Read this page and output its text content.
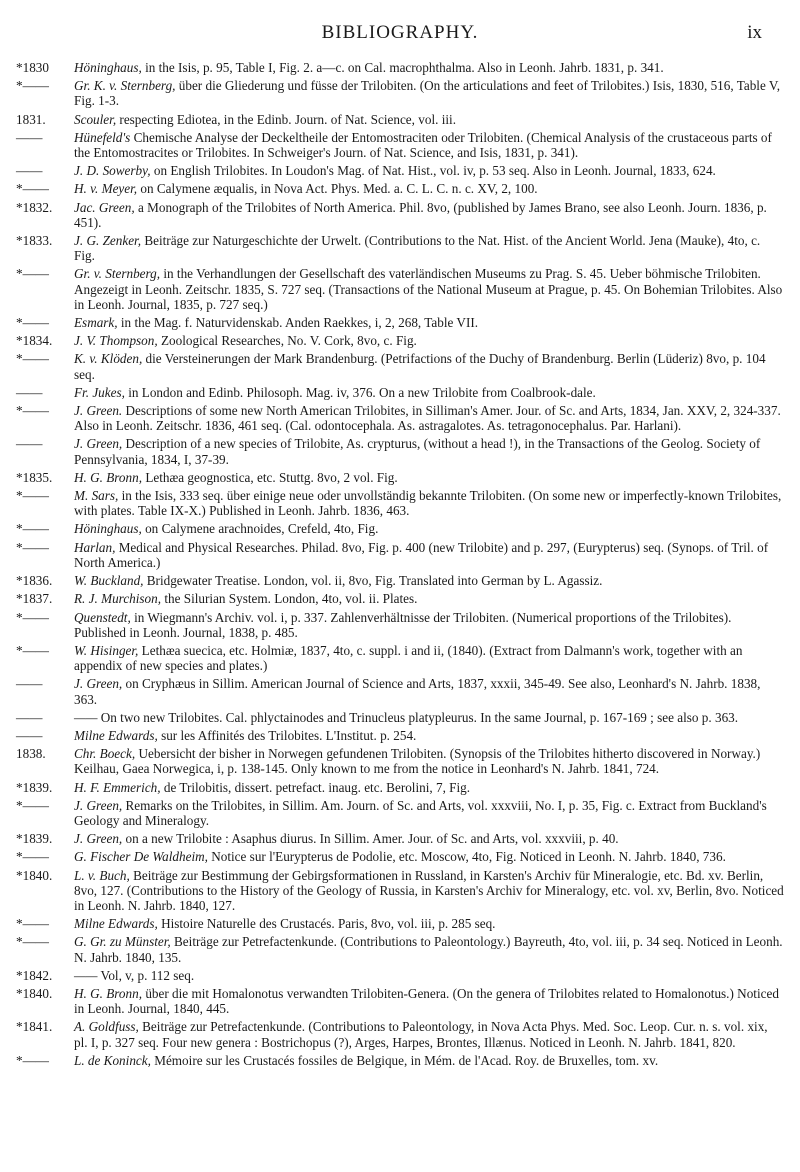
BIBLIOGRAPHY.	ix
*1830	Höninghaus, in the Isis, p. 95, Table I, Fig. 2. a—c. on Cal. macrophthalma. Also in Leonh. Jahrb. 1831, p. 341.
*——	Gr. K. v. Sternberg, über die Gliederung und füsse der Trilobiten. (On the articulations and feet of Trilobites.) Isis, 1830, 516, Table V, Fig. 1-3.
1831.	Scouler, respecting Ediotea, in the Edinb. Journ. of Nat. Science, vol. iii.
——	Hünefeld's Chemische Analyse der Deckeltheile der Entomostraciten oder Trilobiten. (Chemical Analysis of the crustaceous parts of the Entomostracites or Trilobites. In Schweiger's Journ. of Nat. Science, and Isis, 1831, p. 341).
——	J. D. Sowerby, on English Trilobites. In Loudon's Mag. of Nat. Hist., vol. iv, p. 53 seq. Also in Leonh. Journal, 1833, 624.
*——	H. v. Meyer, on Calymene æqualis, in Nova Act. Phys. Med. a. C. L. C. n. c. XV, 2, 100.
*1832.	Jac. Green, a Monograph of the Trilobites of North America. Phil. 8vo, (published by James Brano, see also Leonh. Journ. 1836, p. 451).
*1833.	J. G. Zenker, Beiträge zur Naturgeschichte der Urwelt. (Contributions to the Nat. Hist. of the Ancient World. Jena (Mauke), 4to, c. Fig.
*——	Gr. v. Sternberg, in the Verhandlungen der Gesellschaft des vaterländischen Museums zu Prag. S. 45. Ueber böhmische Trilobiten. Angezeigt in Leonh. Zeitschr. 1835, S. 727 seq. (Transactions of the National Museum at Prague, p. 45. On Bohemian Trilobites. Also in Leonh. Journal, 1835, p. 727 seq.)
*——	Esmark, in the Mag. f. Naturvidenskab. Anden Raekkes, i, 2, 268, Table VII.
*1834.	J. V. Thompson, Zoological Researches, No. V. Cork, 8vo, c. Fig.
*——	K. v. Klöden, die Versteinerungen der Mark Brandenburg. (Petrifactions of the Duchy of Brandenburg. Berlin (Lüderiz) 8vo, p. 104 seq.
——	Fr. Jukes, in London and Edinb. Philosoph. Mag. iv, 376. On a new Trilobite from Coalbrook-dale.
*——	J. Green. Descriptions of some new North American Trilobites, in Silliman's Amer. Jour. of Sc. and Arts, 1834, Jan. XXV, 2, 324-337. Also in Leonh. Zeitschr. 1836, 461 seq. (Cal. odontocephala. As. astragalotes. As. tetragonocephalus. Par. Harlani).
——	J. Green, Description of a new species of Trilobite, As. crypturus, (without a head !), in the Transactions of the Geolog. Society of Pennsylvania, 1834, I, 37-39.
*1835.	H. G. Bronn, Lethæa geognostica, etc. Stuttg. 8vo, 2 vol. Fig.
*——	M. Sars, in the Isis, 333 seq. über einige neue oder unvollständig bekannte Trilobiten. (On some new or imperfectly-known Trilobites, with plates. Table IX-X.) Published in Leonh. Jahrb. 1836, 463.
*——	Höninghaus, on Calymene arachnoides, Crefeld, 4to, Fig.
*——	Harlan, Medical and Physical Researches. Philad. 8vo, Fig. p. 400 (new Trilobite) and p. 297, (Eurypterus) seq. (Synops. of Tril. of North America.)
*1836.	W. Buckland, Bridgewater Treatise. London, vol. ii, 8vo, Fig. Translated into German by L. Agassiz.
*1837.	R. J. Murchison, the Silurian System. London, 4to, vol. ii. Plates.
*——	Quenstedt, in Wiegmann's Archiv. vol. i, p. 337. Zahlenverhältnisse der Trilobiten. (Numerical proportions of the Trilobites). Published in Leonh. Journal, 1838, p. 485.
*——	W. Hisinger, Lethæa suecica, etc. Holmiæ, 1837, 4to, c. suppl. i and ii, (1840). (Extract from Dalmann's work, together with an appendix of new species and plates.)
——	J. Green, on Cryphæus in Sillim. American Journal of Science and Arts, 1837, xxxii, 345-49. See also, Leonhard's N. Jahrb. 1838, 363.
——	—— On two new Trilobites. Cal. phlyctainodes and Trinucleus platypleurus. In the same Journal, p. 167-169 ; see also p. 363.
——	Milne Edwards, sur les Affinités des Trilobites. L'Institut. p. 254.
1838.	Chr. Boeck, Uebersicht der bisher in Norwegen gefundenen Trilobiten. (Synopsis of the Trilobites hitherto discovered in Norway.) Keilhau, Gaea Norwegica, i, p. 138-145. Only known to me from the notice in Leonhard's N. Jahrb. 1841, 724.
*1839.	H. F. Emmerich, de Trilobitis, dissert. petrefact. inaug. etc. Berolini, 7, Fig.
*——	J. Green, Remarks on the Trilobites, in Sillim. Am. Journ. of Sc. and Arts, vol. xxxviii, No. I, p. 35, Fig. c. Extract from Buckland's Geology and Mineralogy.
*1839.	J. Green, on a new Trilobite : Asaphus diurus. In Sillim. Amer. Jour. of Sc. and Arts, vol. xxxviii, p. 40.
*——	G. Fischer De Waldheim, Notice sur l'Eurypterus de Podolie, etc. Moscow, 4to, Fig. Noticed in Leonh. N. Jahrb. 1840, 736.
*1840.	L. v. Buch, Beiträge zur Bestimmung der Gebirgsformationen in Russland, in Karsten's Archiv für Mineralogie, etc. Bd. xv. Berlin, 8vo, 127. (Contributions to the History of the Geology of Russia, in Karsten's Archiv for Mineralogy, etc. vol. xv, Berlin, 8vo. Noticed in Leonh. N. Jahrb. 1840, 127.
*——	Milne Edwards, Histoire Naturelle des Crustacés. Paris, 8vo, vol. iii, p. 285 seq.
*——	G. Gr. zu Münster, Beiträge zur Petrefactenkunde. (Contributions to Paleontology.) Bayreuth, 4to, vol. iii, p. 34 seq. Noticed in Leonh. N. Jahrb. 1840, 135.
*1842.	—— Vol, v, p. 112 seq.
*1840.	H. G. Bronn, über die mit Homalonotus verwandten Trilobiten-Genera. (On the genera of Trilobites related to Homalonotus.) Noticed in Leonh. Journal, 1840, 445.
*1841.	A. Goldfuss, Beiträge zur Petrefactenkunde. (Contributions to Paleontology, in Nova Acta Phys. Med. Soc. Leop. Cur. n. s. vol. xix, pl. I, p. 327 seq. Four new genera : Bostrichopus (?), Arges, Harpes, Brontes, Illænus. Noticed in Leonh. N. Jahrb. 1841, 820.
*——	L. de Koninck, Mémoire sur les Crustacés fossiles de Belgique, in Mém. de l'Acad. Roy. de Bruxelles, tom. xv.
